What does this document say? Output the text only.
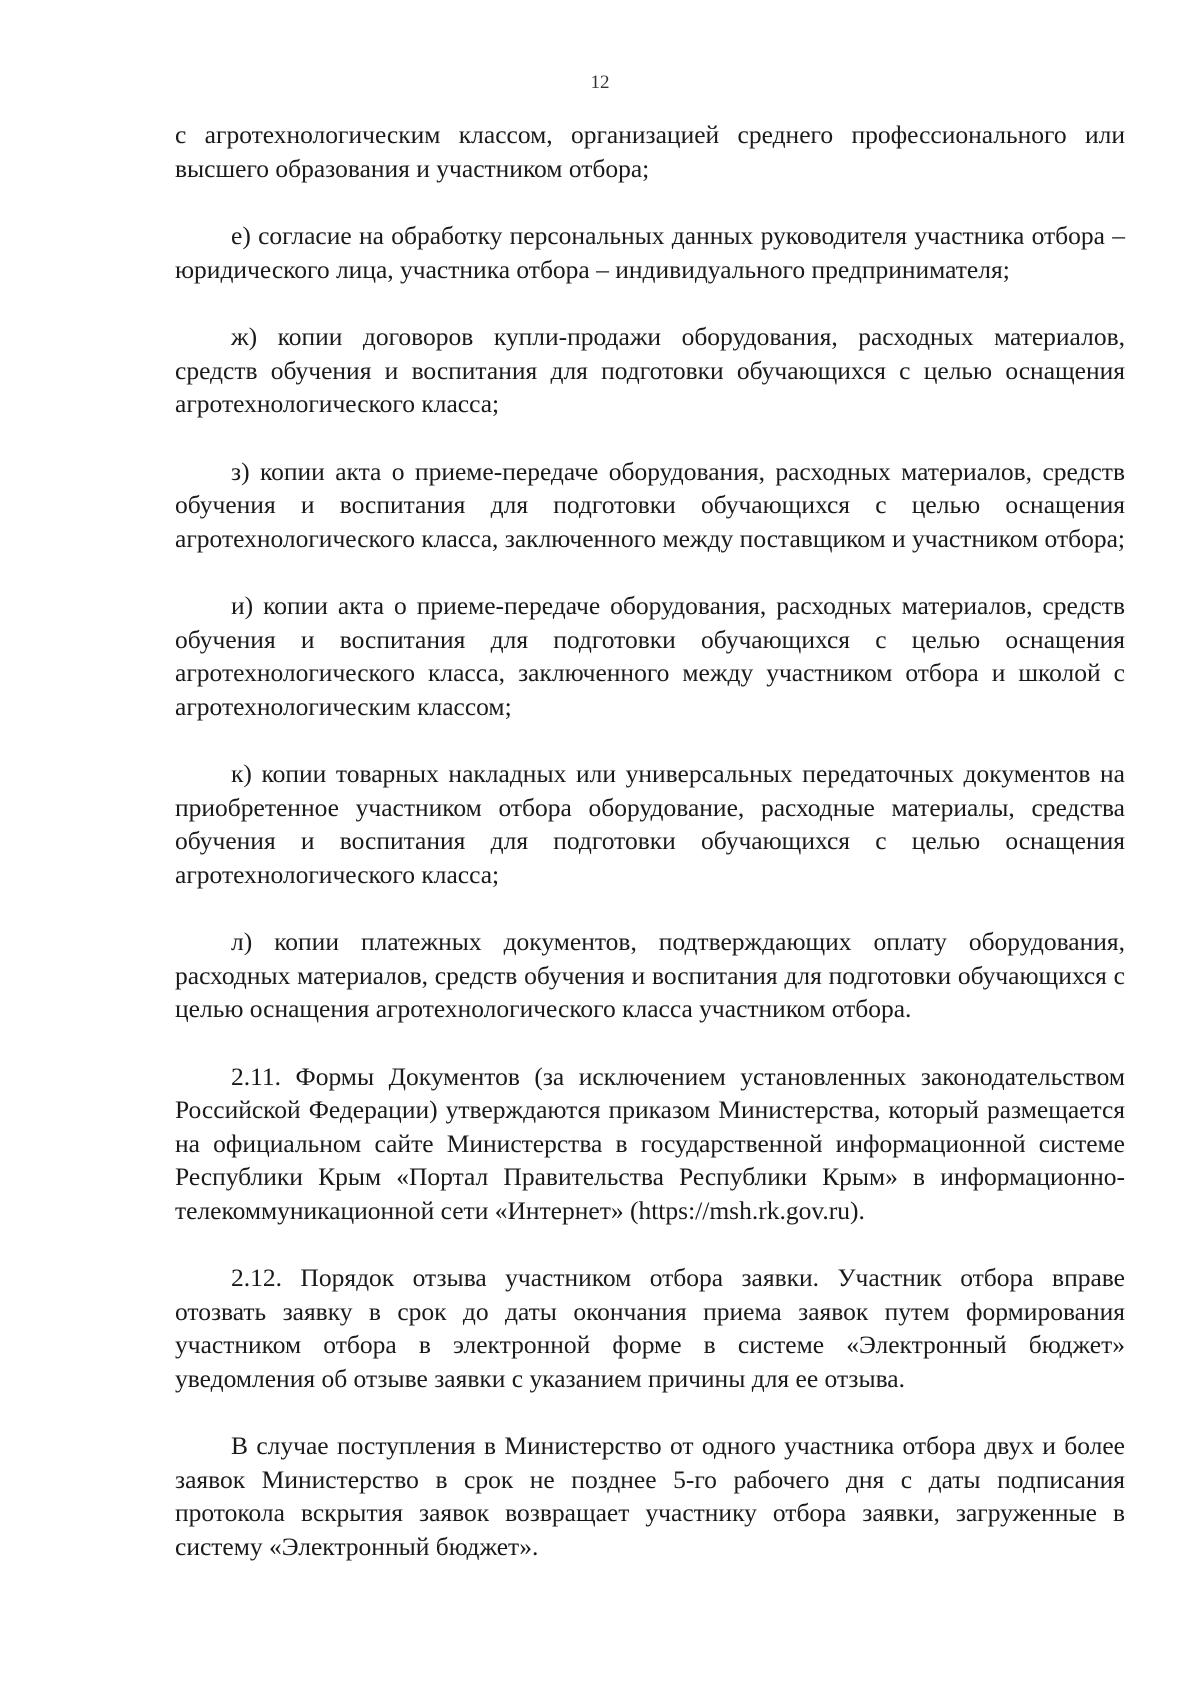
12

с агротехнологическим классом, организацией среднего профессионального или высшего образования и участником отбора;

е) согласие на обработку персональных данных руководителя участника отбора – юридического лица, участника отбора – индивидуального предпринимателя;

ж) копии договоров купли-продажи оборудования, расходных материалов, средств обучения и воспитания для подготовки обучающихся с целью оснащения агротехнологического класса;

з) копии акта о приеме-передаче оборудования, расходных материалов, средств обучения и воспитания для подготовки обучающихся с целью оснащения агротехнологического класса, заключенного между поставщиком и участником отбора;

и) копии акта о приеме-передаче оборудования, расходных материалов, средств обучения и воспитания для подготовки обучающихся с целью оснащения агротехнологического класса, заключенного между участником отбора и школой с агротехнологическим классом;

к) копии товарных накладных или универсальных передаточных документов на приобретенное участником отбора оборудование, расходные материалы, средства обучения и воспитания для подготовки обучающихся с целью оснащения агротехнологического класса;

л) копии платежных документов, подтверждающих оплату оборудования, расходных материалов, средств обучения и воспитания для подготовки обучающихся с целью оснащения агротехнологического класса участником отбора.

2.11. Формы Документов (за исключением установленных законодательством Российской Федерации) утверждаются приказом Министерства, который размещается на официальном сайте Министерства в государственной информационной системе Республики Крым «Портал Правительства Республики Крым» в информационно-телекоммуникационной сети «Интернет» (https://msh.rk.gov.ru).

2.12. Порядок отзыва участником отбора заявки. Участник отбора вправе отозвать заявку в срок до даты окончания приема заявок путем формирования участником отбора в электронной форме в системе «Электронный бюджет» уведомления об отзыве заявки с указанием причины для ее отзыва.

В случае поступления в Министерство от одного участника отбора двух и более заявок Министерство в срок не позднее 5-го рабочего дня с даты подписания протокола вскрытия заявок возвращает участнику отбора заявки, загруженные в систему «Электронный бюджет».
